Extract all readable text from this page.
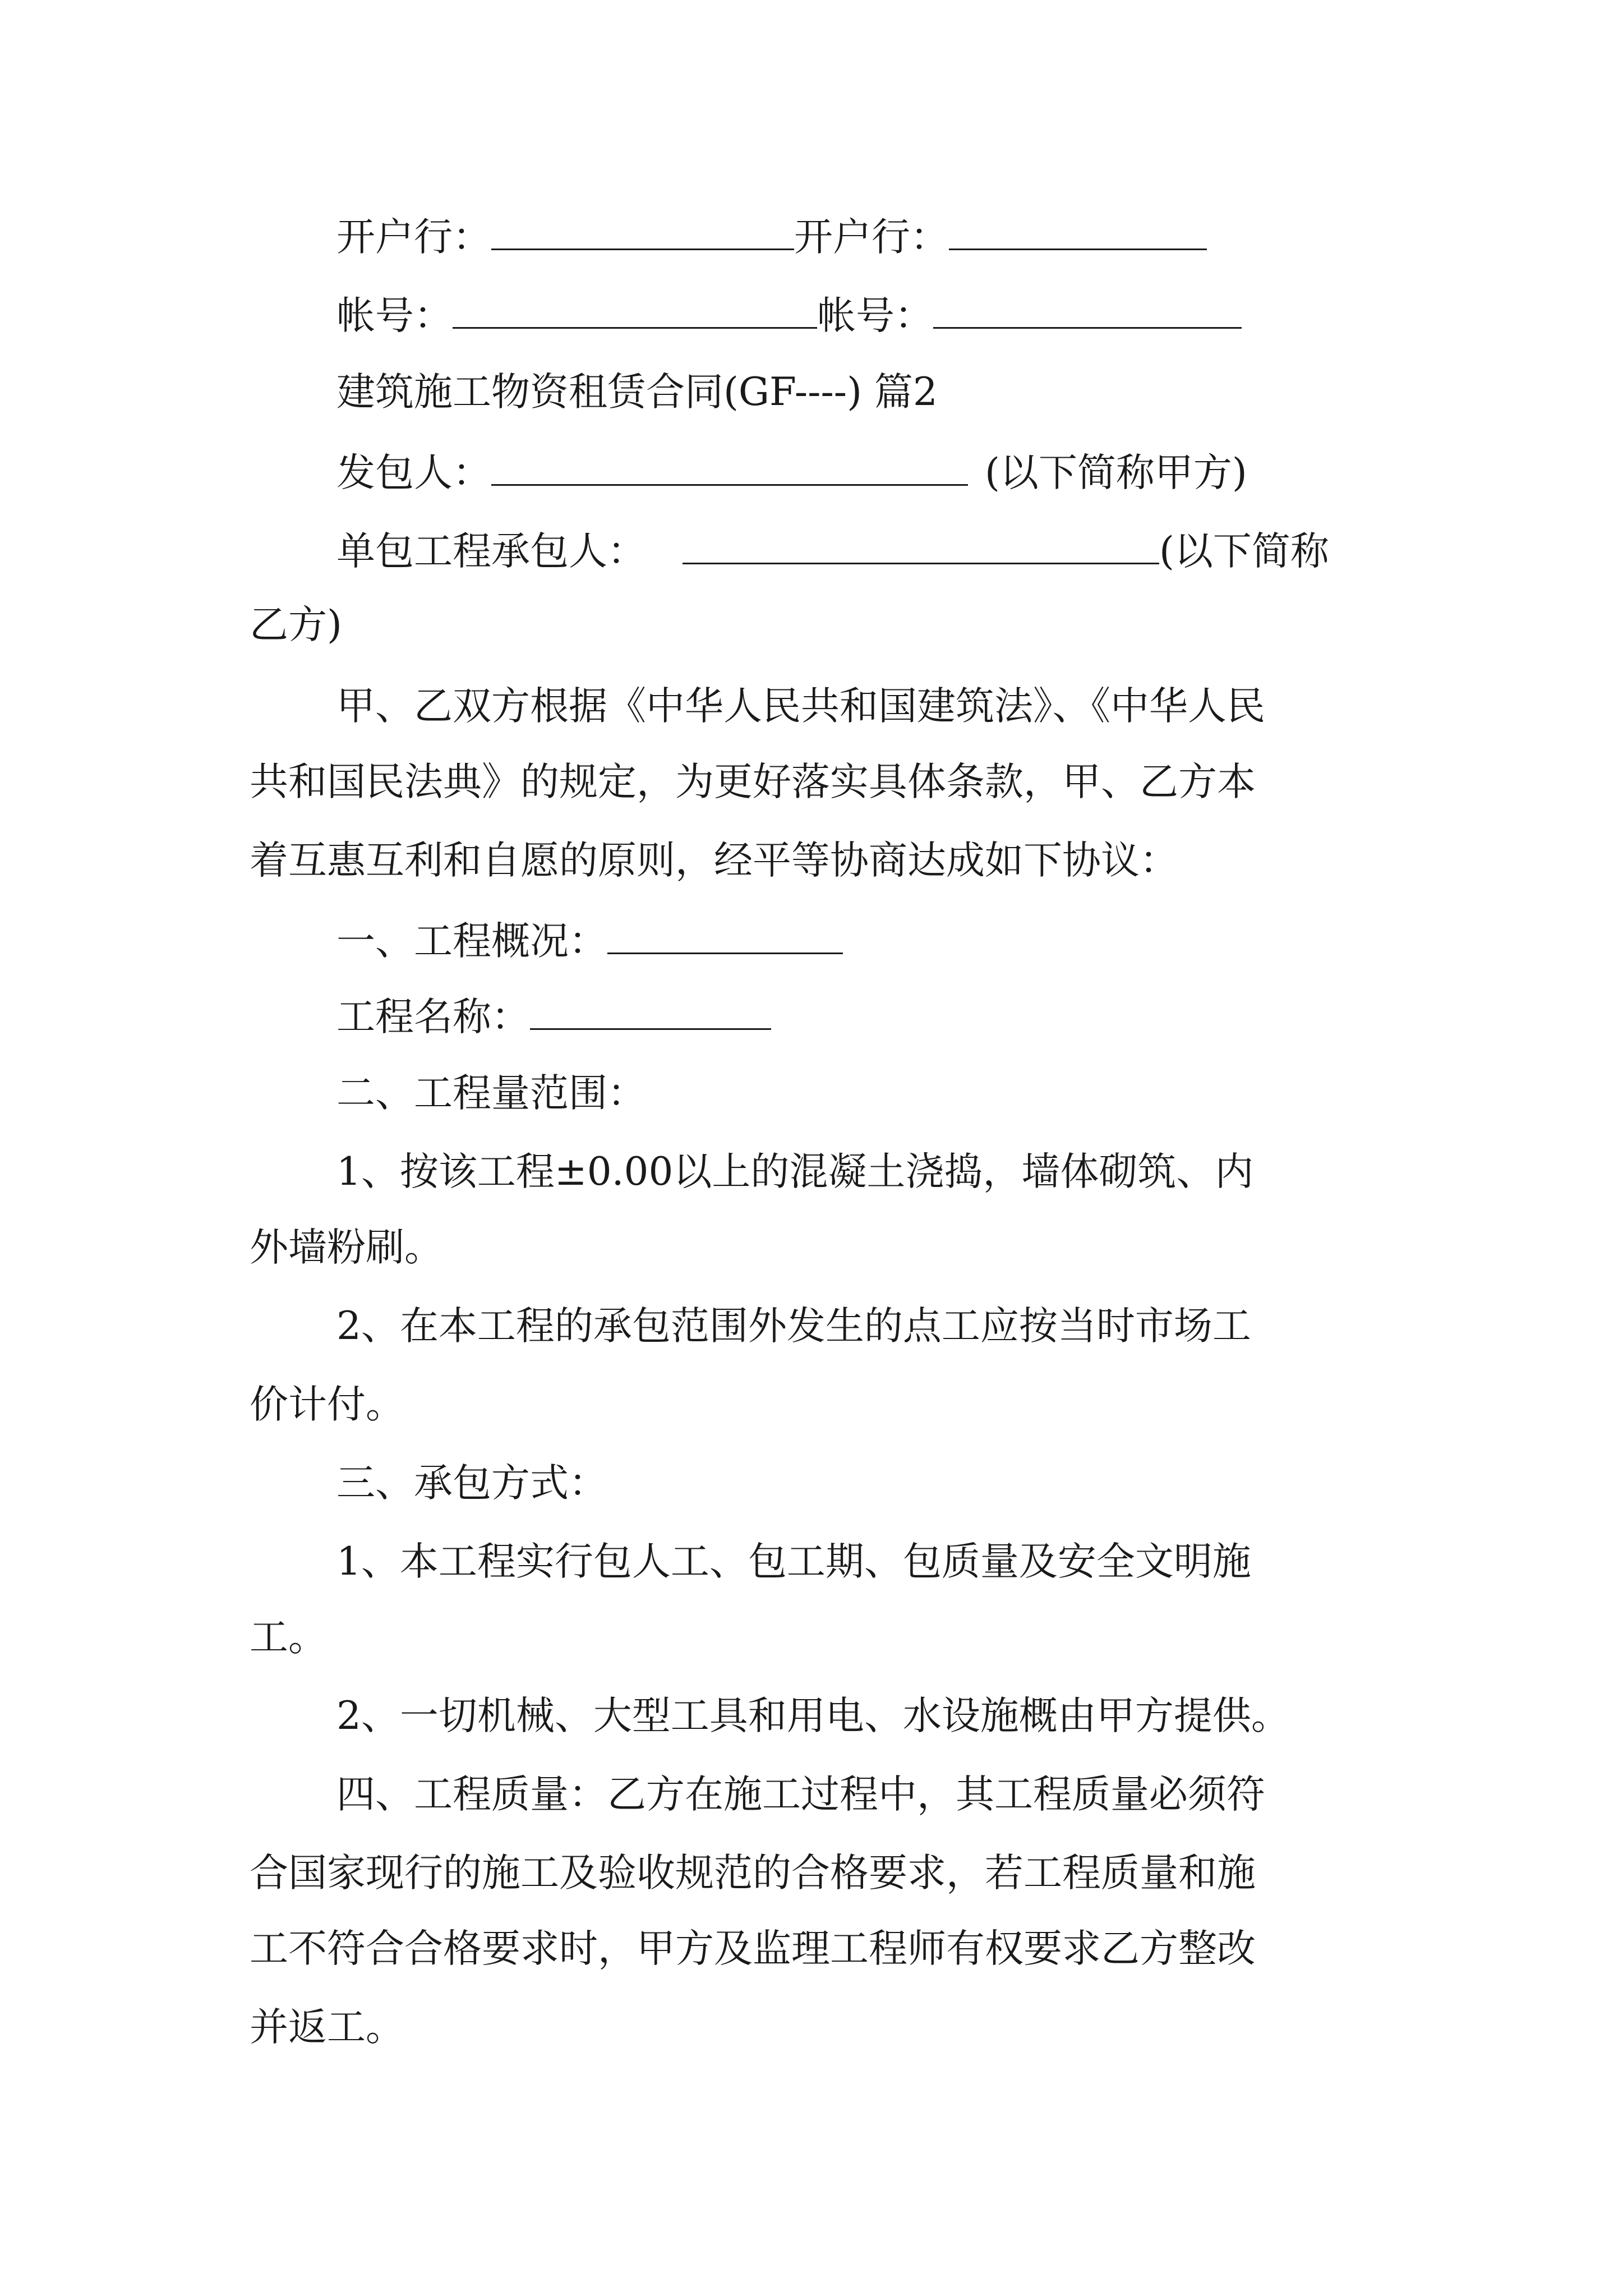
开户行：	开户行：
帐号：	帐号：
建筑施工物资租赁合同(GF----) 篇2
发包人：	(以下简称甲方)
单包工程承包人：	(以下简称
乙方)
甲、乙双方根据《中华人民共和国建筑法》、《中华人民
共和国民法典》的规定，为更好落实具体条款，甲、乙方本
着互惠互利和自愿的原则，经平等协商达成如下协议：
一、工程概况：
工程名称：
二、工程量范围：
1、按该工程±0.00以上的混凝土浇捣，墙体砌筑、内
外墙粉刷。
2、在本工程的承包范围外发生的点工应按当时市场工
价计付。
三、承包方式：
1、本工程实行包人工、包工期、包质量及安全文明施
工。
2、一切机械、大型工具和用电、水设施概由甲方提供。
四、工程质量：乙方在施工过程中，其工程质量必须符
合国家现行的施工及验收规范的合格要求，若工程质量和施
工不符合合格要求时，甲方及监理工程师有权要求乙方整改
并返工。
